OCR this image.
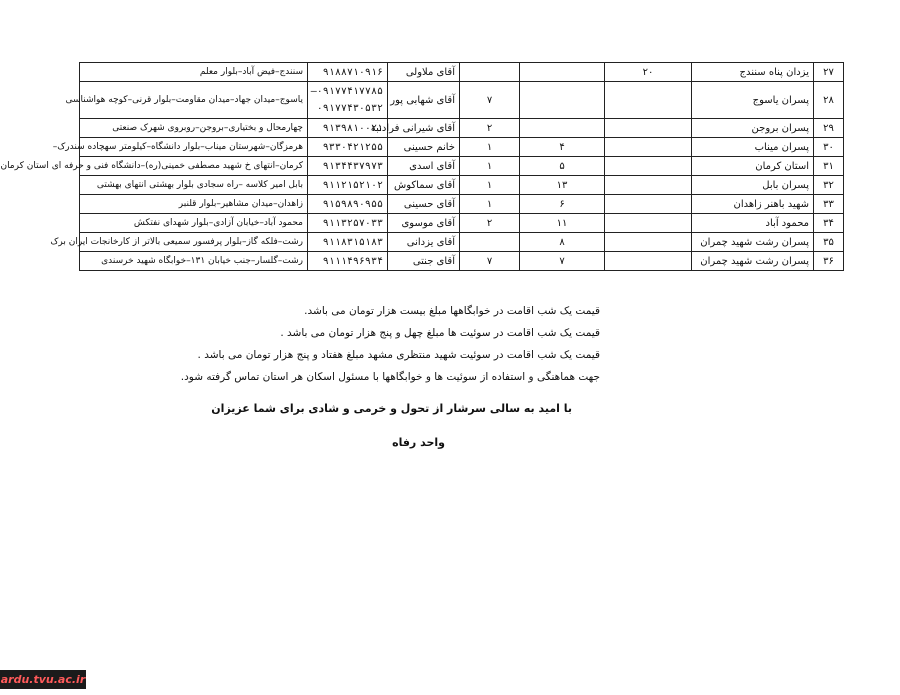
۲۷	یزدان پناه سنندج	۲۰			آقای ملاولی	۹۱۸۸۷۱۰۹۱۶	سنندج–فیض آباد–بلوار معلم
۲۸	پسران یاسوج			۷	آقای شهابی پور	۰۹۱۷۷۴۱۷۷۸۵–
۰۹۱۷۷۴۳۰۵۳۲	یاسوج–میدان جهاد–میدان مقاومت–بلوار قرنی–کوچه هواشناسی
۲۹	پسران بروجن			۲	آقای شیرانی فرادنبه	۹۱۳۹۸۱۰۰۲۱	چهارمحال و بختیاری–بروجن–روبروی شهرک صنعتی
۳۰	پسران میناب		۴	۱	خانم حسینی	۹۳۳۰۴۲۱۲۵۵	هرمزگان–شهرستان میناب–بلوار دانشگاه–کیلومتر سهچاده سندرک–
۳۱	استان کرمان		۵	۱	آقای اسدی	۹۱۳۴۴۳۷۹۷۳	کرمان–انتهای خ شهید مصطفی خمینی(ره)–دانشگاه فنی و حرفه ای استان کرمان
۳۲	پسران بابل		۱۳	۱	آقای سماکوش	۹۱۱۲۱۵۲۱۰۲	بابل امیر کلاسه –راه سجادی بلوار بهشتی انتهای بهشتی
۳۳	شهید باهنر زاهدان		۶	۱	آقای حسینی	۹۱۵۹۸۹۰۹۵۵	زاهدان–میدان مشاهیر–بلوار قلنبر
۳۴	محمود آباد		۱۱	۲	آقای موسوی	۹۱۱۳۲۵۷۰۳۳	محمود آباد–خیابان آزادی–بلوار شهدای نفتکش
۳۵	پسران رشت شهید چمران		۸		آقای یزدانی	۹۱۱۸۳۱۵۱۸۳	رشت–فلکه گاز–بلوار پرفسور سمیعی بالاتر از کارخانجات ایران برک
۳۶	پسران رشت شهید چمران		۷	۷	آقای جنتی	۹۱۱۱۴۹۶۹۳۴	رشت–گلسار–جنب خیابان ۱۳۱–خوابگاه شهید خرسندی

قیمت یک شب اقامت در خوابگاهها مبلغ بیست هزار تومان می باشد.

قیمت یک شب اقامت در سوئیت ها مبلغ چهل و پنج هزار تومان می باشد .

قیمت یک شب اقامت در سوئیت شهید منتظری مشهد مبلغ هفتاد و پنج هزار تومان می باشد .

جهت هماهنگی و استفاده از سوئیت ها و خوابگاهها با مسئول اسکان هر استان تماس گرفته شود.

با امید به سالی سرشار از تحول و خرمی و شادی برای شما عزیزان
واحد رفاه
ardu.tvu.ac.ir
